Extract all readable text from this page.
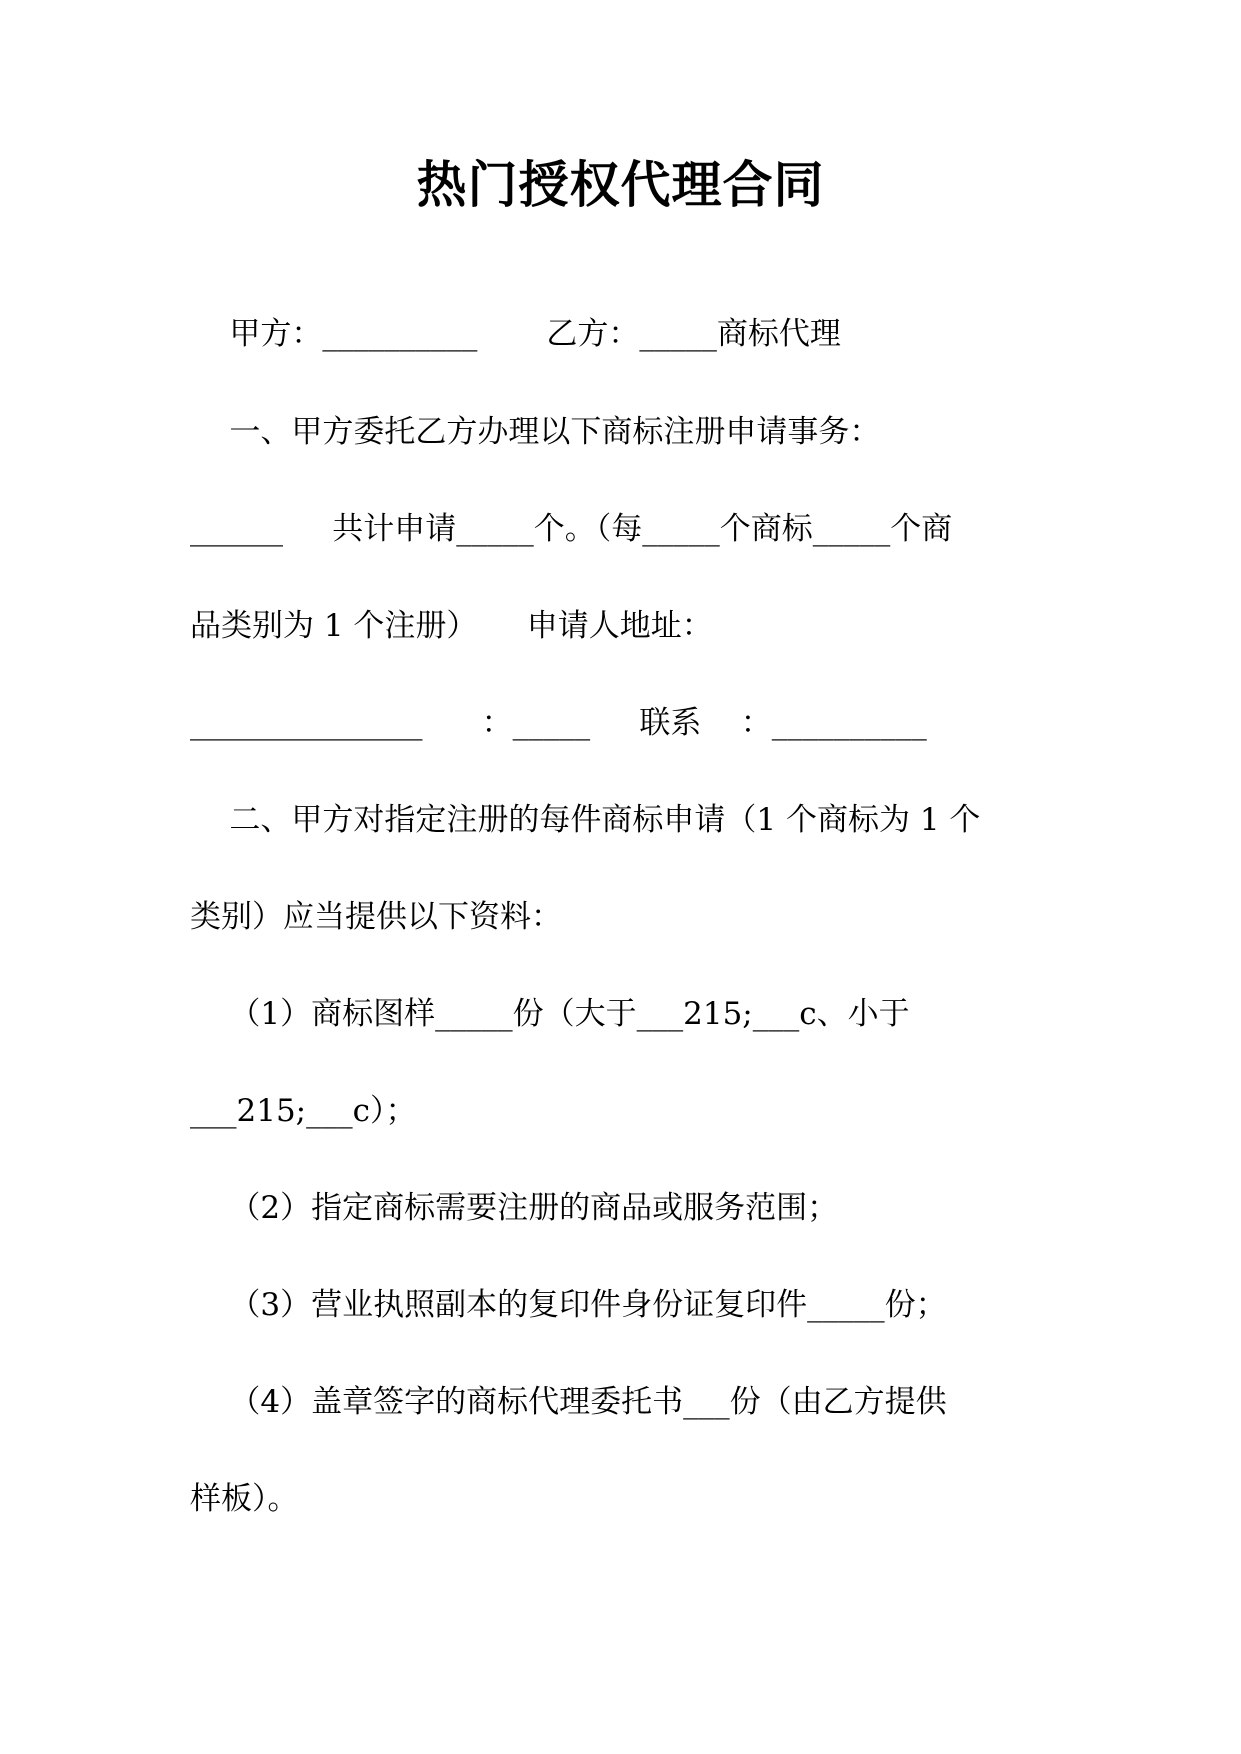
热门授权代理合同

甲方：__________       乙方：_____商标代理

一、甲方委托乙方办理以下商标注册申请事务：

______     共计申请_____个。（每_____个商标_____个商

品类别为 1 个注册）     申请人地址：

_______________      ：_____     联系    ：__________

二、甲方对指定注册的每件商标申请（1 个商标为 1 个

类别）应当提供以下资料：

（1）商标图样_____份（大于___215;___c、小于

___215;___c）；

（2）指定商标需要注册的商品或服务范围；

（3）营业执照副本的复印件身份证复印件_____份；

（4）盖章签字的商标代理委托书___份（由乙方提供

样板）。
